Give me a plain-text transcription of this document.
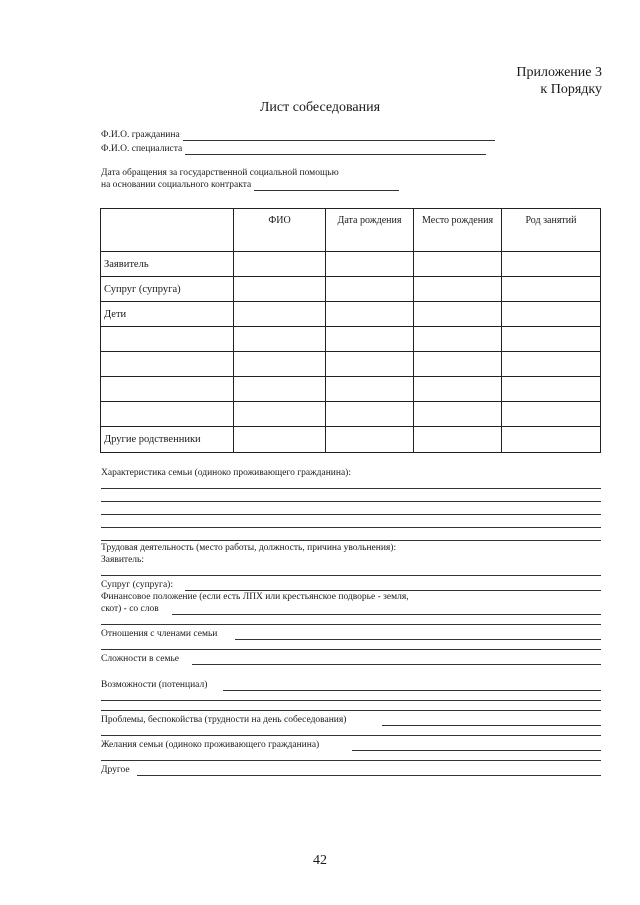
Приложение 3
к Порядку
Лист собеседования
Ф.И.О. гражданина
Ф.И.О. специалиста
Дата обращения за государственной социальной помощью
на основании социального контракта
	ФИО	Дата рождения	Место рождения	Род занятий
Заявитель				
Супруг (супруга)				
Дети				

Другие родственники				
Характеристика семьи (одиноко проживающего гражданина):
Трудовая деятельность (место работы, должность, причина увольнения):
Заявитель:
Супруг (супруга):
Финансовое положение (если есть ЛПХ или крестьянское подворье - земля,
скот) - со слов
Отношения с членами семьи
Сложности в семье
Возможности (потенциал)
Проблемы, беспокойства (трудности на день собеседования)
Желания семьи (одиноко проживающего гражданина)
Другое
42
